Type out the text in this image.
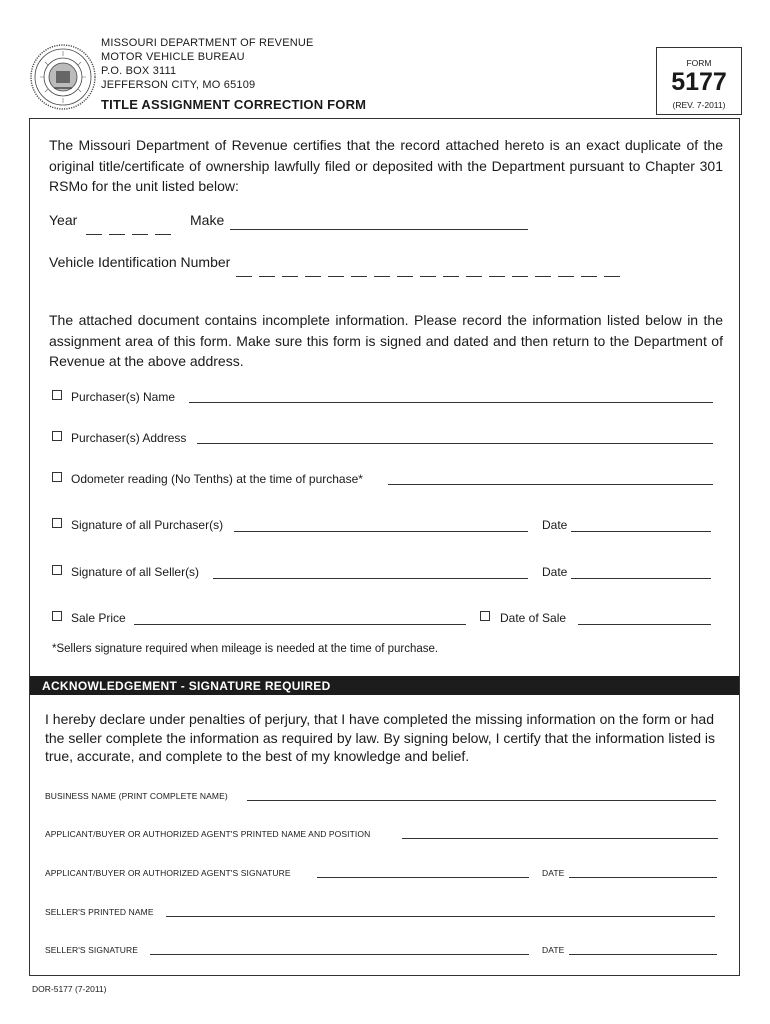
MISSOURI DEPARTMENT OF REVENUE
MOTOR VEHICLE BUREAU
P.O. BOX 3111
JEFFERSON CITY, MO 65109
TITLE ASSIGNMENT CORRECTION FORM
FORM
5177
(REV. 7-2011)
The Missouri Department of Revenue certifies that the record attached hereto is an exact duplicate of the original title/certificate of ownership lawfully filed or deposited with the Department pursuant to Chapter 301 RSMo for the unit listed below:
Year	Make
Vehicle Identification Number
The attached document contains incomplete information. Please record the information listed below in the assignment area of this form. Make sure this form is signed and dated and then return to the Department of Revenue at the above address.
Purchaser(s) Name
Purchaser(s) Address
Odometer reading (No Tenths) at the time of purchase*
Signature of all Purchaser(s)	Date
Signature of all Seller(s)	Date
Sale Price	Date of Sale
*Sellers signature required when mileage is needed at the time of purchase.
ACKNOWLEDGEMENT - SIGNATURE REQUIRED
I hereby declare under penalties of perjury, that I have completed the missing information on the form or had the seller complete the information as required by law. By signing below, I certify that the information listed is true, accurate, and complete to the best of my knowledge and belief.
BUSINESS NAME (PRINT COMPLETE NAME)
APPLICANT/BUYER OR AUTHORIZED AGENT'S PRINTED NAME AND POSITION
APPLICANT/BUYER OR AUTHORIZED AGENT'S SIGNATURE	DATE
SELLER'S PRINTED NAME
SELLER'S SIGNATURE	DATE
DOR-5177 (7-2011)
